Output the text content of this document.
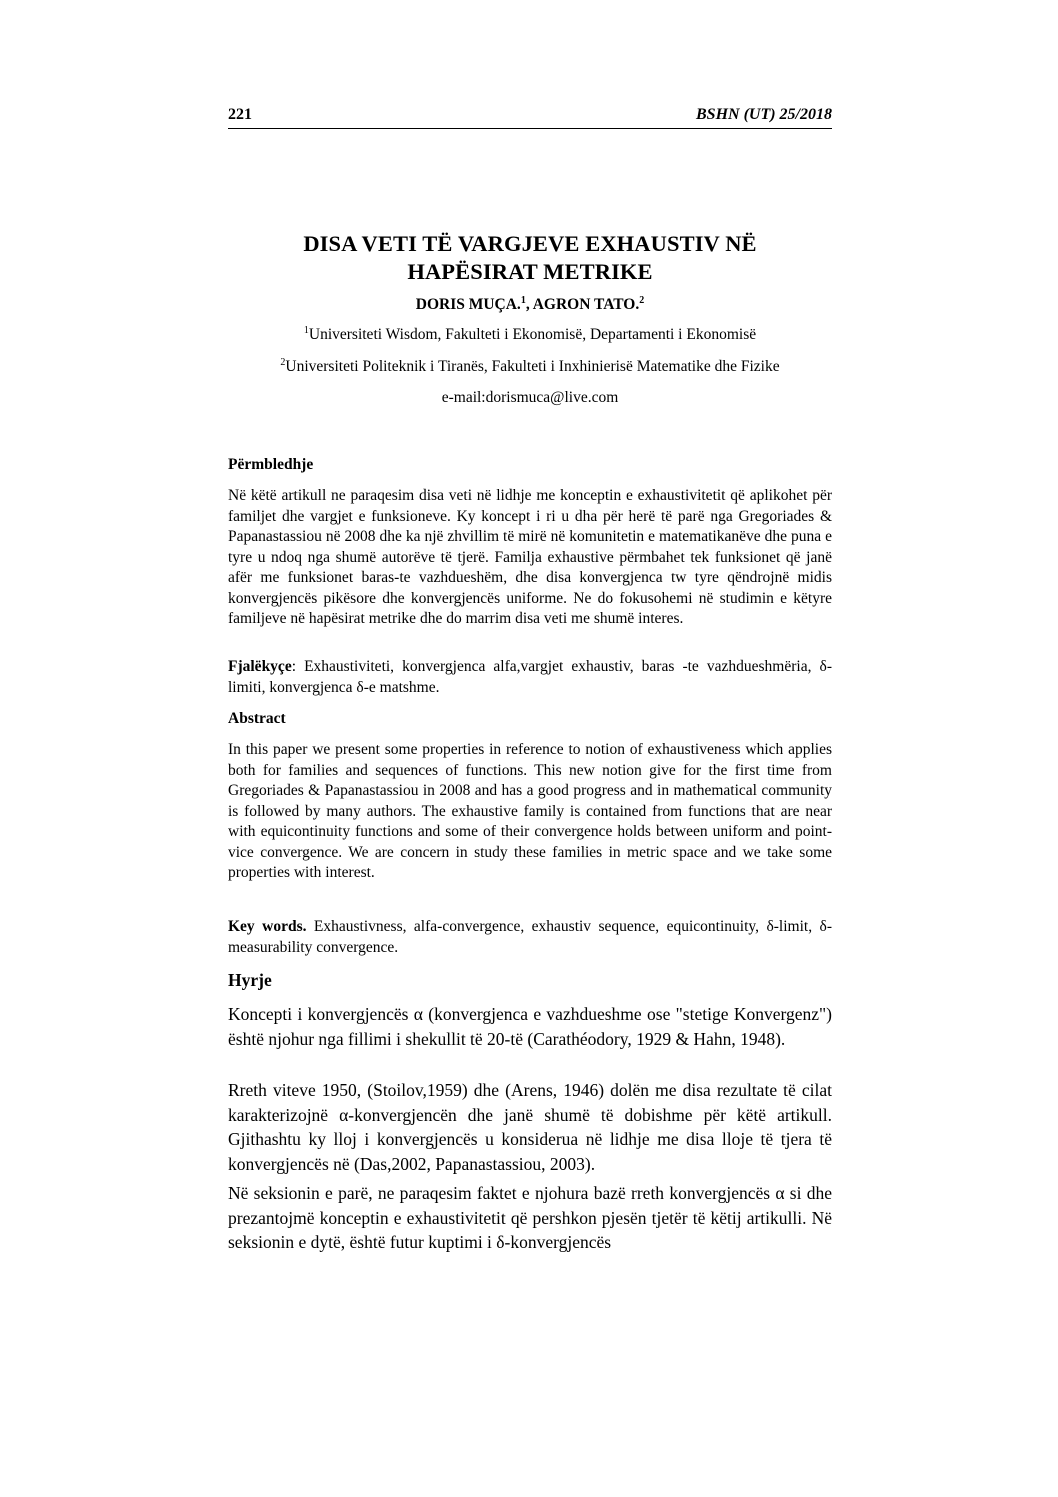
221	BSHN (UT) 25/2018
DISA VETI TË VARGJEVE EXHAUSTIV NË
HAPËSIRAT METRIKE
DORIS MUÇA.$^1$, AGRON TATO.$^2$
$^1$Universiteti Wisdom, Fakulteti i Ekonomisë, Departamenti i Ekonomisë
$^2$Universiteti Politeknik i Tiranës, Fakulteti i Inxhinierisë Matematike dhe Fizike
e-mail:dorismuca@live.com
Përmbledhje
Në këtë artikull ne paraqesim disa veti në lidhje me konceptin e exhaustivitetit që aplikohet për familjet dhe vargjet e funksioneve. Ky koncept i ri u dha për herë të parë nga Gregoriades & Papanastassiou në 2008 dhe ka një zhvillim të mirë në komunitetin e matematikanëve dhe puna e tyre u ndoq nga shumë autorëve të tjerë. Familja exhaustive përmbahet tek funksionet që janë afër me funksionet baras-te vazhdueshëm, dhe disa konvergjenca tw tyre qëndrojnë midis konvergjencës pikësore dhe konvergjencës uniforme. Ne do fokusohemi në studimin e këtyre familjeve në hapësirat metrike dhe do marrim disa veti me shumë interes.
Fjalëkyçe: Exhaustiviteti, konvergjenca alfa,vargjet exhaustiv, baras -te vazhdueshmëria, δ-limiti, konvergjenca δ-e matshme.
Abstract
In this paper we present some properties in reference to notion of exhaustiveness which applies both for families and sequences of functions. This new notion give for the first time from Gregoriades & Papanastassiou in 2008 and has a good progress and in mathematical community is followed by many authors. The exhaustive family is contained from functions that are near with equicontinuity functions and some of their convergence holds between uniform and point-vice convergence. We are concern in study these families in metric space and we take some properties with interest.
Key words. Exhaustivness, alfa-convergence, exhaustiv sequence, equicontinuity, δ-limit, δ-measurability convergence.
Hyrje
Koncepti i konvergjencës α (konvergjenca e vazhdueshme ose "stetige Konvergenz") është njohur nga fillimi i shekullit të 20-të (Carathéodory, 1929 & Hahn, 1948).
Rreth viteve 1950, (Stoilov,1959) dhe (Arens, 1946) dolën me disa rezultate të cilat karakterizojnë α-konvergjencën dhe janë shumë të dobishme për këtë artikull. Gjithashtu ky lloj i konvergjencës u konsiderua në lidhje me disa lloje të tjera të konvergjencës në (Das,2002, Papanastassiou, 2003).
Në seksionin e parë, ne paraqesim faktet e njohura bazë rreth konvergjencës α si dhe prezantojmë konceptin e exhaustivitetit që pershkon pjesën tjetër të këtij artikulli. Në seksionin e dytë, është futur kuptimi i δ-konvergjencës
